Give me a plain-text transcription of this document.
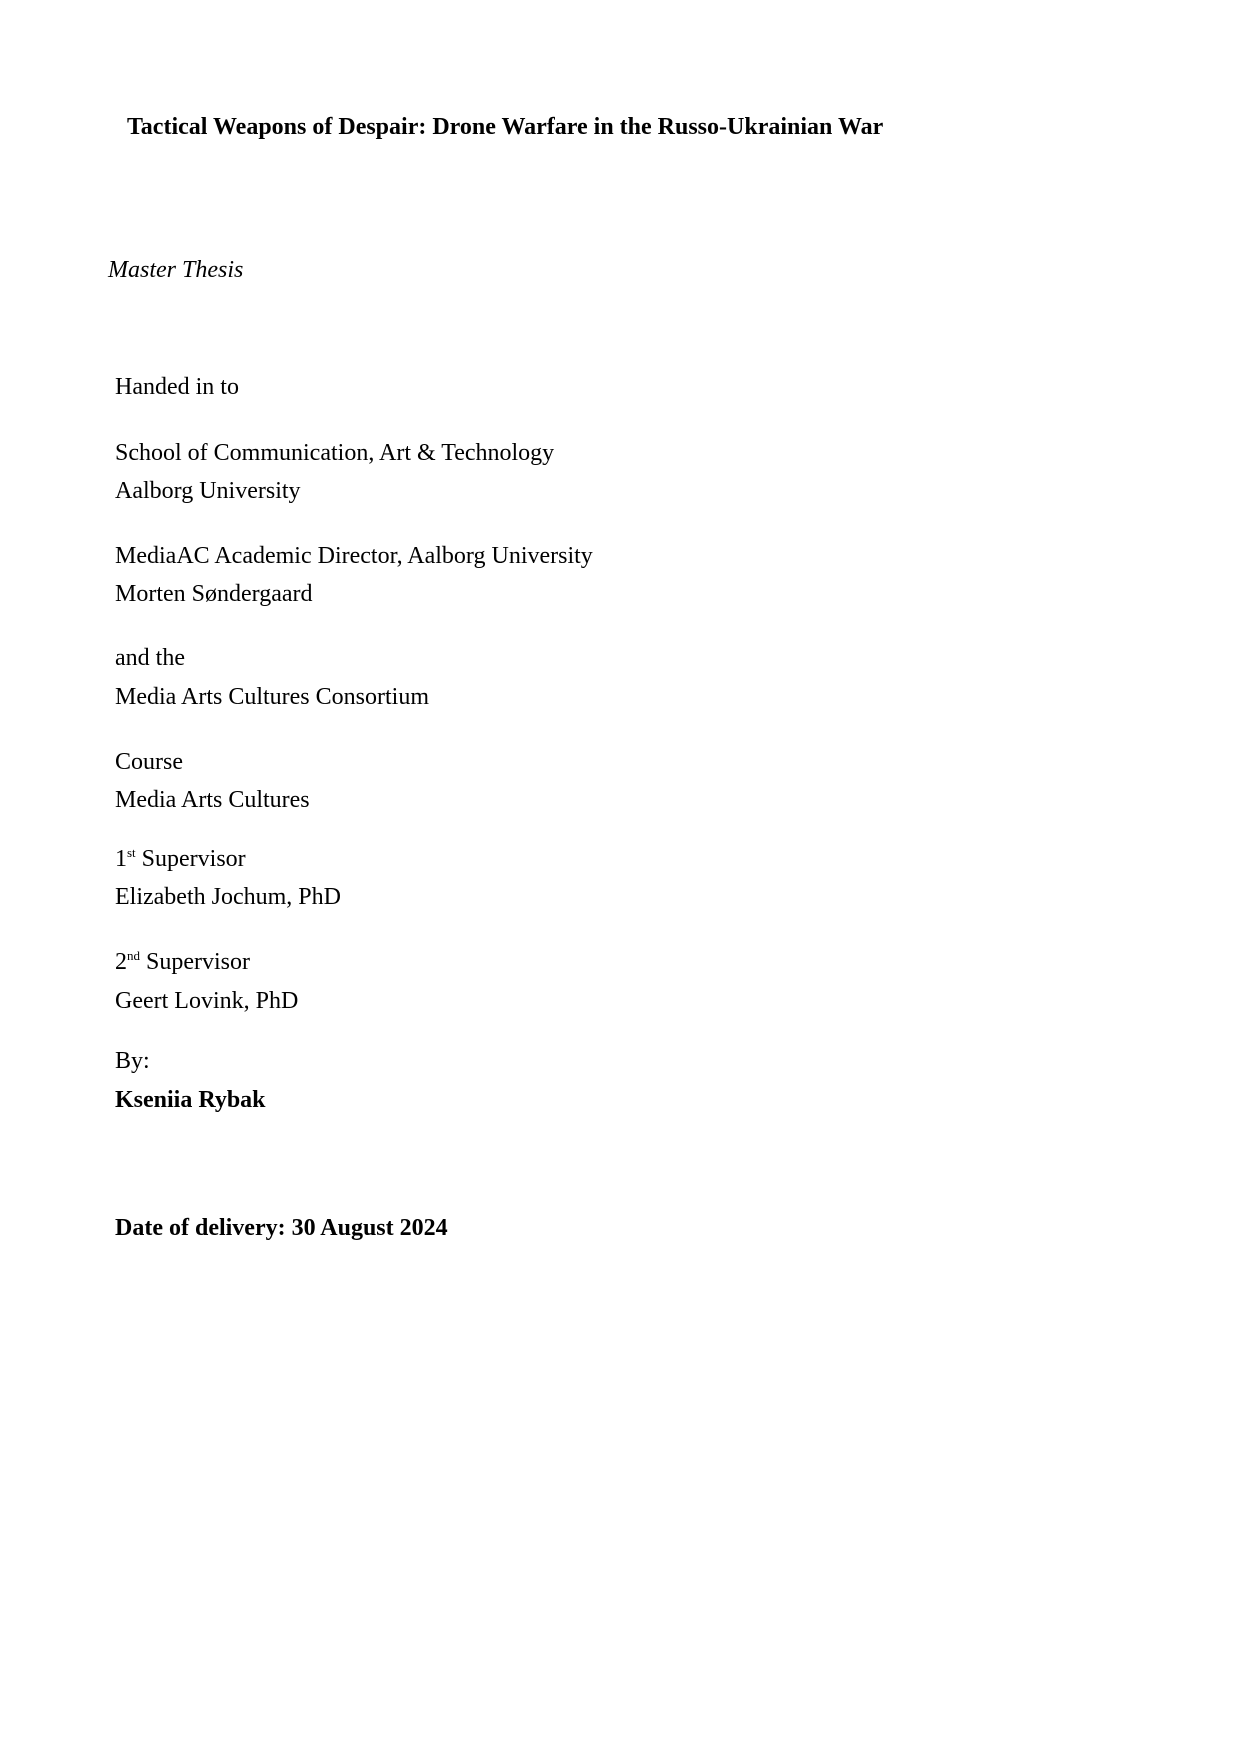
Tactical Weapons of Despair: Drone Warfare in the Russo-Ukrainian War
Master Thesis
Handed in to
School of Communication, Art & Technology
Aalborg University
MediaAC Academic Director, Aalborg University
Morten Søndergaard
and the
Media Arts Cultures Consortium
Course
Media Arts Cultures
1st Supervisor
Elizabeth Jochum, PhD
2nd Supervisor
Geert Lovink, PhD
By:
Kseniia Rybak
Date of delivery: 30 August 2024
